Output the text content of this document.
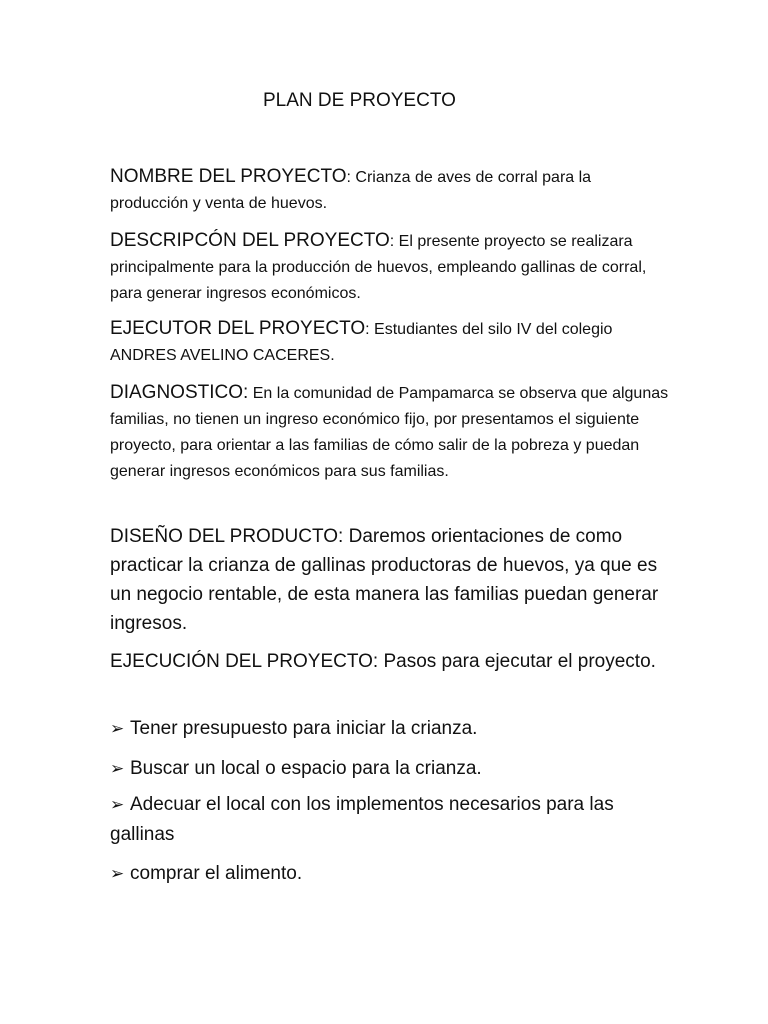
PLAN DE PROYECTO

NOMBRE DEL PROYECTO: Crianza de aves de corral para la producción y venta de huevos.

DESCRIPCÓN DEL PROYECTO: El presente proyecto se realizara principalmente para la producción de huevos, empleando gallinas de corral, para generar ingresos económicos.

EJECUTOR DEL PROYECTO: Estudiantes del silo IV del colegio ANDRES AVELINO CACERES.

DIAGNOSTICO: En la comunidad de Pampamarca se observa que algunas familias, no tienen un ingreso económico fijo, por presentamos el siguiente proyecto, para orientar a las familias de cómo salir de la pobreza y puedan generar ingresos económicos para sus familias.

DISEÑO DEL PRODUCTO: Daremos orientaciones de como practicar la crianza de gallinas productoras de huevos, ya que es un negocio rentable, de esta manera las familias puedan generar ingresos.

EJECUCIÓN DEL PROYECTO: Pasos para ejecutar el proyecto.

➢ Tener presupuesto para iniciar la crianza.

➢ Buscar un local o espacio para la crianza.

➢ Adecuar el local con los implementos necesarios para las gallinas

➢ comprar el alimento.
